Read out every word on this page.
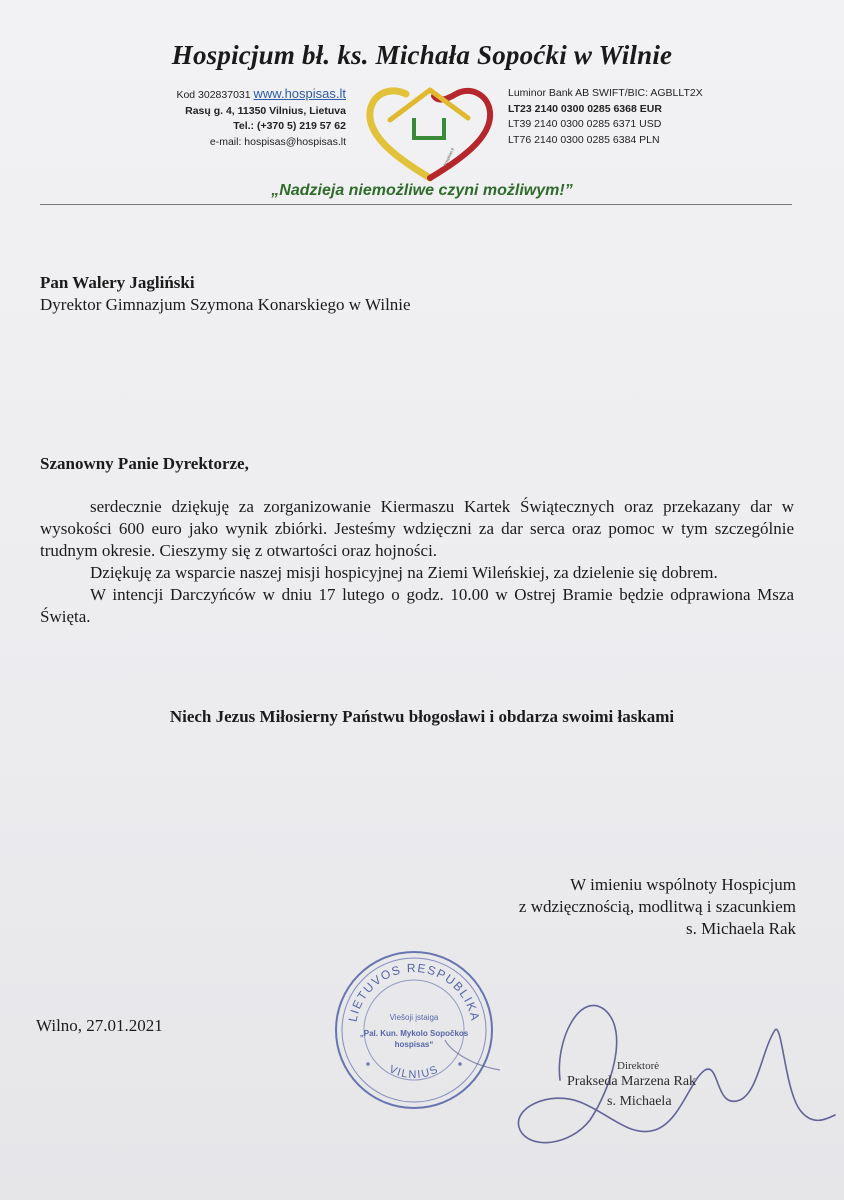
Hospicjum bł. ks. Michała Sopoćki w Wilnie
Kod 302837031 www.hospisas.lt
Rasų g. 4, 11350 Vilnius, Lietuva
Tel.: (+370 5) 219 57 62
e-mail: hospisas@hospisas.lt
hospisas.lt
Luminor Bank AB SWIFT/BIC: AGBLLT2X
LT23 2140 0300 0285 6368 EUR
LT39 2140 0300 0285 6371 USD
LT76 2140 0300 0285 6384 PLN
„Nadzieja niemożliwe czyni możliwym!”
Pan Walery Jagliński
Dyrektor Gimnazjum Szymona Konarskiego w Wilnie
Szanowny Panie Dyrektorze,

serdecznie dziękuję za zorganizowanie Kiermaszu Kartek Świątecznych oraz przekazany dar w wysokości 600 euro jako wynik zbiórki. Jesteśmy wdzięczni za dar serca oraz pomoc w tym szczególnie trudnym okresie. Cieszymy się z otwartości oraz hojności.

Dziękuję za wsparcie naszej misji hospicyjnej na Ziemi Wileńskiej, za dzielenie się dobrem.

W intencji Darczyńców w dniu 17 lutego o godz. 10.00 w Ostrej Bramie będzie odprawiona Msza Święta.

Niech Jezus Miłosierny Państwu błogosławi i obdarza swoimi łaskami
W imieniu wspólnoty Hospicjum
z wdzięcznością, modlitwą i szacunkiem
s. Michaela Rak
Wilno, 27.01.2021	LIETUVOS RESPUBLIKA
Viešoji įstaiga
„Pal. Kun. Mykolo Sopočkos
hospisas“
VILNIUS	Direktorė
Prakseda Marzena Rak
s. Michaela
